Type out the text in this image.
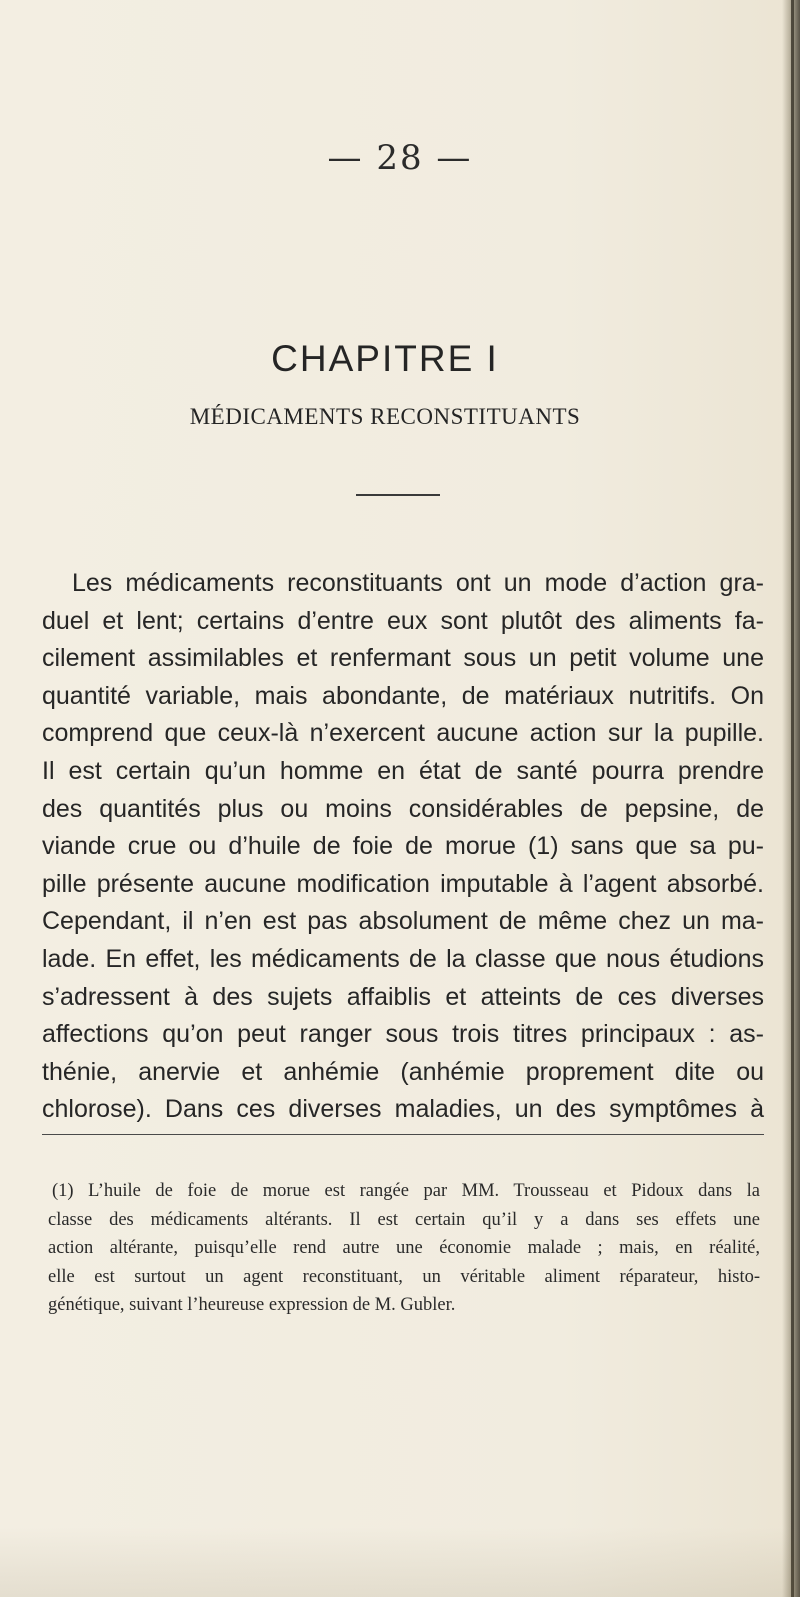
— 28 —
CHAPITRE I
MÉDICAMENTS RECONSTITUANTS
Les médicaments reconstituants ont un mode d’action gra-
duel et lent; certains d’entre eux sont plutôt des aliments fa-
cilement assimilables et renfermant sous un petit volume une
quantité variable, mais abondante, de matériaux nutritifs. On
comprend que ceux-là n’exercent aucune action sur la pupille.
Il est certain qu’un homme en état de santé pourra prendre
des quantités plus ou moins considérables de pepsine, de
viande crue ou d’huile de foie de morue (1) sans que sa pu-
pille présente aucune modification imputable à l’agent absorbé.
Cependant, il n’en est pas absolument de même chez un ma-
lade. En effet, les médicaments de la classe que nous étudions
s’adressent à des sujets affaiblis et atteints de ces diverses
affections qu’on peut ranger sous trois titres principaux : as-
thénie, anervie et anhémie (anhémie proprement dite ou
chlorose). Dans ces diverses maladies, un des symptômes à
(1) L’huile de foie de morue est rangée par MM. Trousseau et Pidoux dans la
classe des médicaments altérants. Il est certain qu’il y a dans ses effets une
action altérante, puisqu’elle rend autre une économie malade ; mais, en réalité,
elle est surtout un agent reconstituant, un véritable aliment réparateur, histo-
génétique, suivant l’heureuse expression de M. Gubler.
